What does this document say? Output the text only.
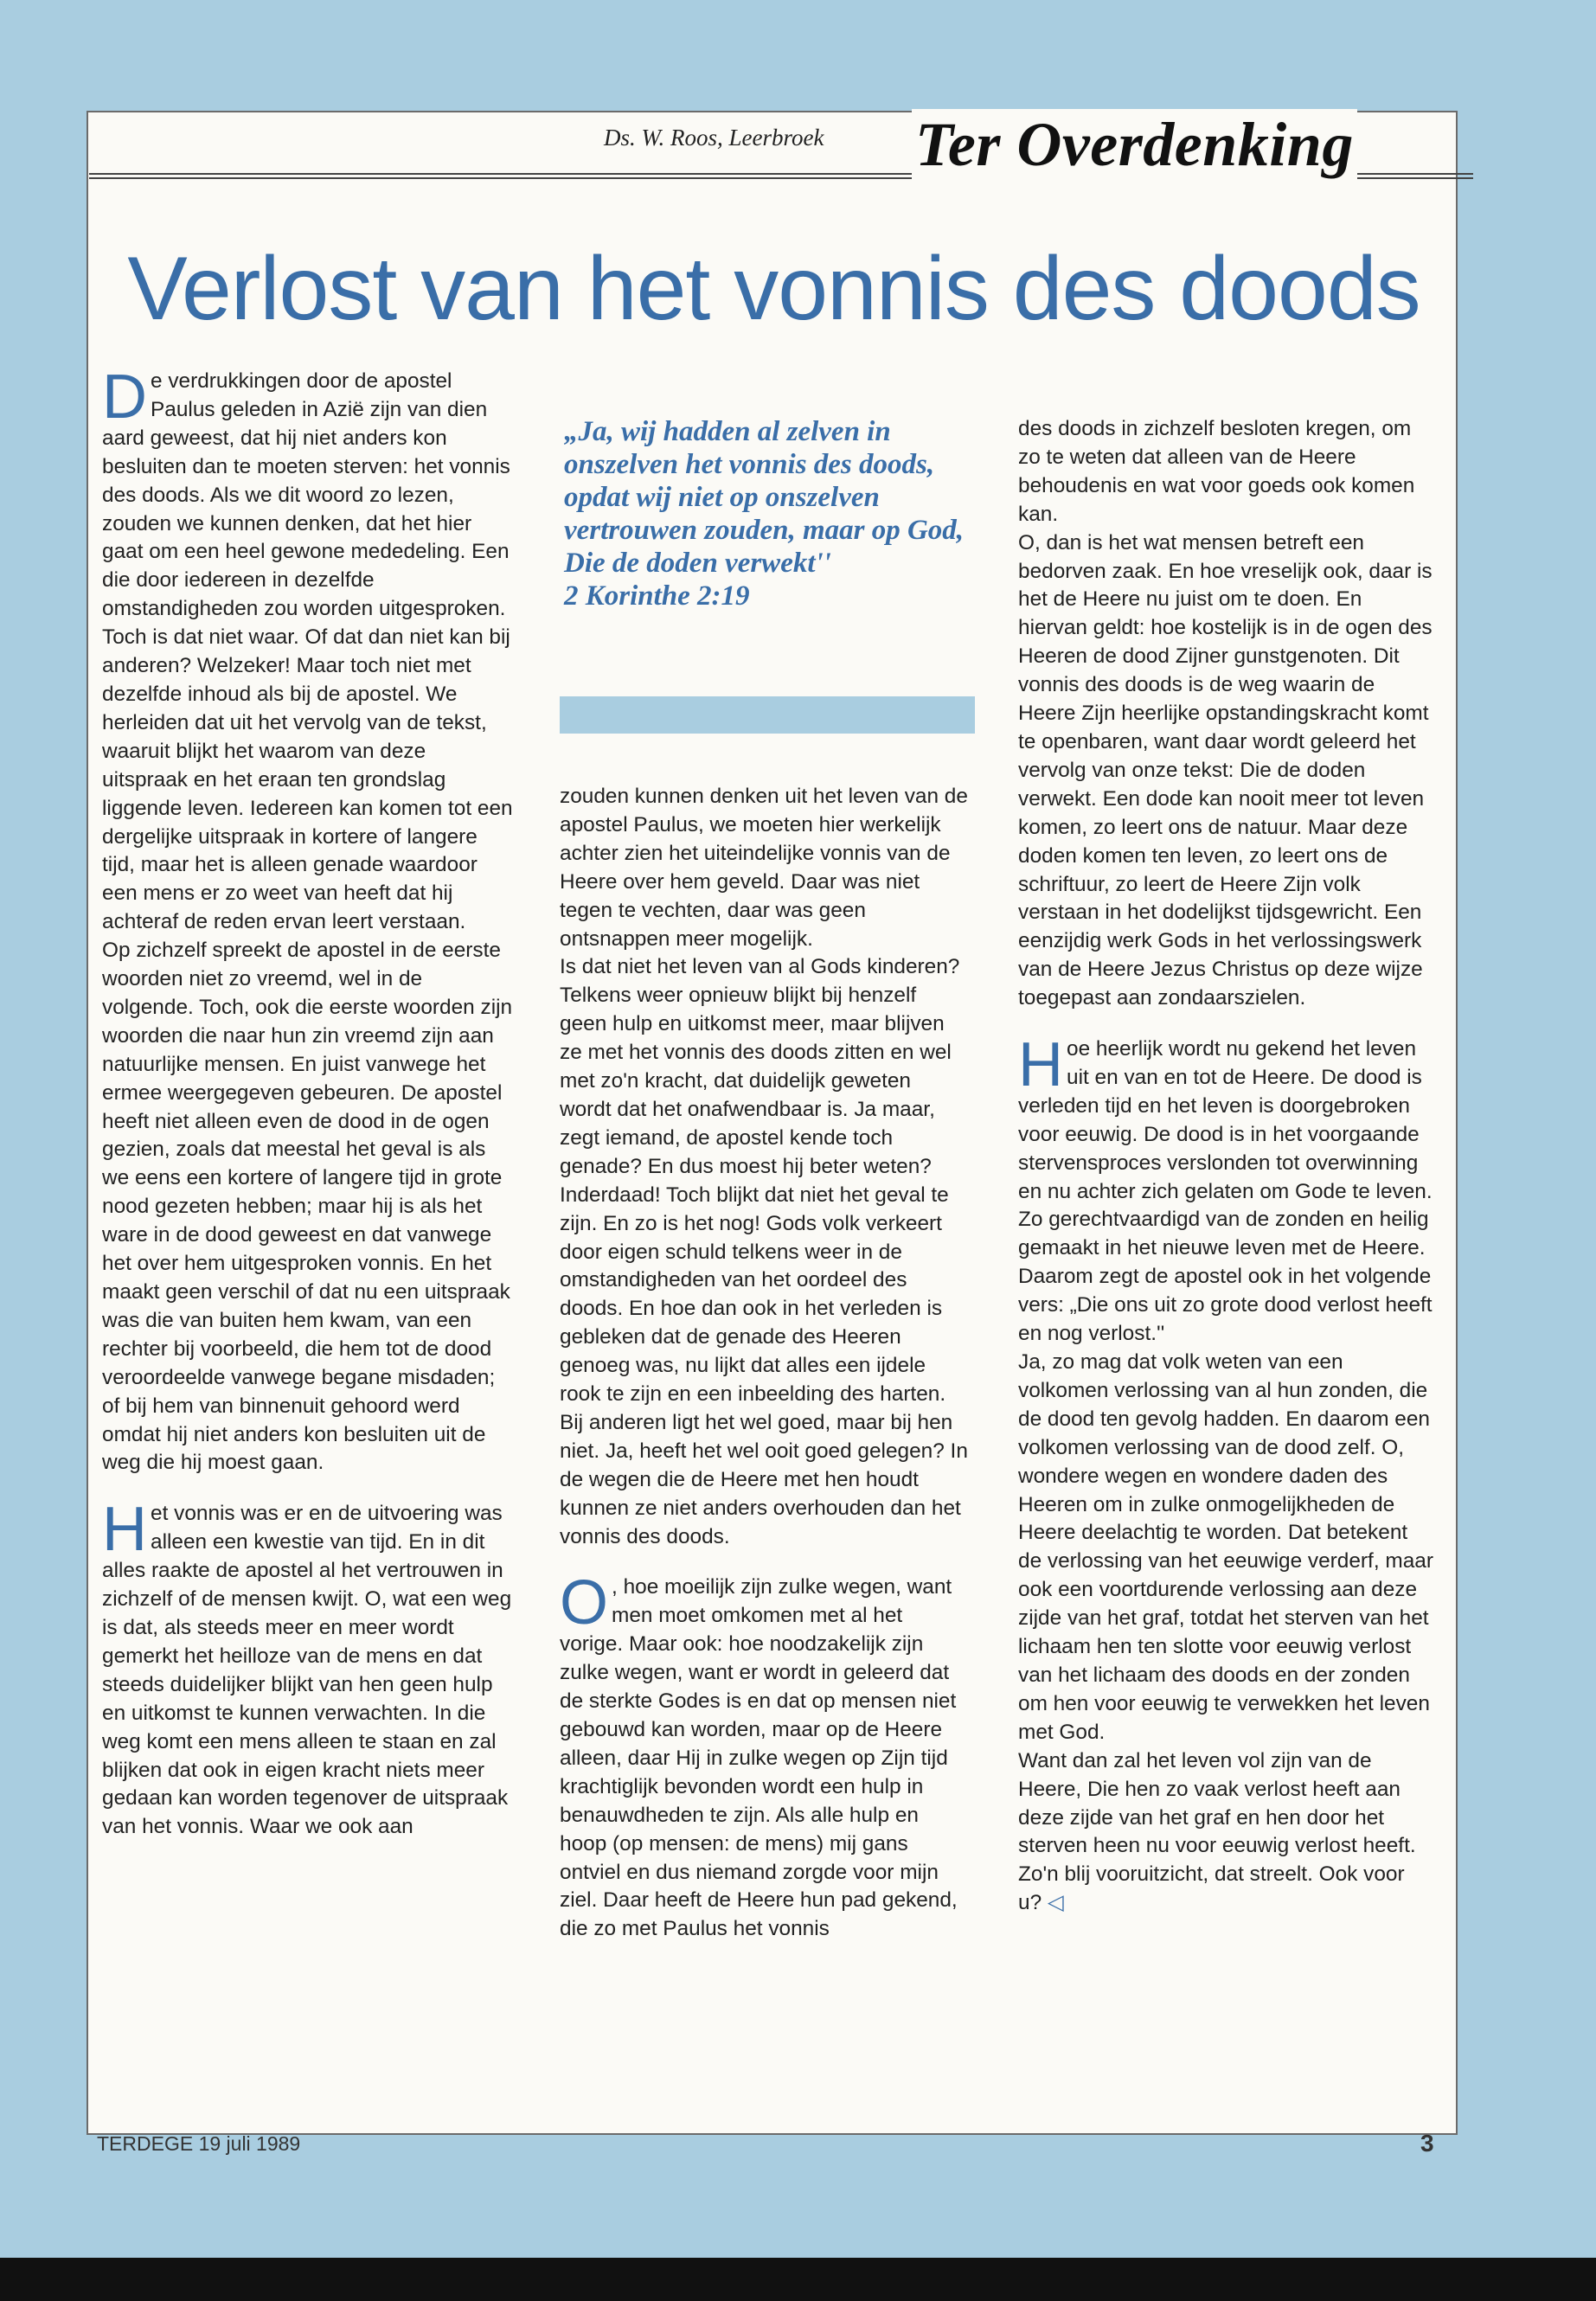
Ds. W. Roos, Leerbroek Ter Overdenking
Verlost van het vonnis des doods

De verdrukkingen door de apostel Paulus geleden in Azië zijn van dien aard geweest, dat hij niet anders kon besluiten dan te moeten sterven: het vonnis des doods. Als we dit woord zo lezen, zouden we kunnen denken, dat het hier gaat om een heel gewone mededeling. Een die door iedereen in dezelfde omstandigheden zou worden uitgesproken. Toch is dat niet waar. Of dat dan niet kan bij anderen? Welzeker! Maar toch niet met dezelfde inhoud als bij de apostel. We herleiden dat uit het vervolg van de tekst, waaruit blijkt het waarom van deze uitspraak en het eraan ten grondslag liggende leven. Iedereen kan komen tot een dergelijke uitspraak in kortere of langere tijd, maar het is alleen genade waardoor een mens er zo weet van heeft dat hij achteraf de reden ervan leert verstaan.

Op zichzelf spreekt de apostel in de eerste woorden niet zo vreemd, wel in de volgende. Toch, ook die eerste woorden zijn woorden die naar hun zin vreemd zijn aan natuurlijke mensen. En juist vanwege het ermee weergegeven gebeuren. De apostel heeft niet alleen even de dood in de ogen gezien, zoals dat meestal het geval is als we eens een kortere of langere tijd in grote nood gezeten hebben; maar hij is als het ware in de dood geweest en dat vanwege het over hem uitgesproken vonnis. En het maakt geen verschil of dat nu een uitspraak was die van buiten hem kwam, van een rechter bij voorbeeld, die hem tot de dood veroordeelde vanwege begane misdaden; of bij hem van binnenuit gehoord werd omdat hij niet anders kon besluiten uit de weg die hij moest gaan.

Het vonnis was er en de uitvoering was alleen een kwestie van tijd. En in dit alles raakte de apostel al het vertrouwen in zichzelf of de mensen kwijt. O, wat een weg is dat, als steeds meer en meer wordt gemerkt het heilloze van de mens en dat steeds duidelijker blijkt van hen geen hulp en uitkomst te kunnen verwachten. In die weg komt een mens alleen te staan en zal blijken dat ook in eigen kracht niets meer gedaan kan worden tegenover de uitspraak van het vonnis. Waar we ook aan

„Ja, wij hadden al zelven in onszelven het vonnis des doods, opdat wij niet op onszelven vertrouwen zouden, maar op God, Die de doden verwekt''
2 Korinthe 2:19

zouden kunnen denken uit het leven van de apostel Paulus, we moeten hier werkelijk achter zien het uiteindelijke vonnis van de Heere over hem geveld. Daar was niet tegen te vechten, daar was geen ontsnappen meer mogelijk.

Is dat niet het leven van al Gods kinderen? Telkens weer opnieuw blijkt bij henzelf geen hulp en uitkomst meer, maar blijven ze met het vonnis des doods zitten en wel met zo'n kracht, dat duidelijk geweten wordt dat het onafwendbaar is. Ja maar, zegt iemand, de apostel kende toch genade? En dus moest hij beter weten? Inderdaad! Toch blijkt dat niet het geval te zijn. En zo is het nog! Gods volk verkeert door eigen schuld telkens weer in de omstandigheden van het oordeel des doods. En hoe dan ook in het verleden is gebleken dat de genade des Heeren genoeg was, nu lijkt dat alles een ijdele rook te zijn en een inbeelding des harten. Bij anderen ligt het wel goed, maar bij hen niet. Ja, heeft het wel ooit goed gelegen? In de wegen die de Heere met hen houdt kunnen ze niet anders overhouden dan het vonnis des doods.

O , hoe moeilijk zijn zulke wegen, want men moet omkomen met al het vorige. Maar ook: hoe noodzakelijk zijn zulke wegen, want er wordt in geleerd dat de sterkte Godes is en dat op mensen niet gebouwd kan worden, maar op de Heere alleen, daar Hij in zulke wegen op Zijn tijd krachtiglijk bevonden wordt een hulp in benauwdheden te zijn. Als alle hulp en hoop (op mensen: de mens) mij gans ontviel en dus niemand zorgde voor mijn ziel. Daar heeft de Heere hun pad gekend, die zo met Paulus het vonnis

des doods in zichzelf besloten kregen, om zo te weten dat alleen van de Heere behoudenis en wat voor goeds ook komen kan.

O, dan is het wat mensen betreft een bedorven zaak. En hoe vreselijk ook, daar is het de Heere nu juist om te doen. En hiervan geldt: hoe kostelijk is in de ogen des Heeren de dood Zijner gunstgenoten. Dit vonnis des doods is de weg waarin de Heere Zijn heerlijke opstandingskracht komt te openbaren, want daar wordt geleerd het vervolg van onze tekst: Die de doden verwekt. Een dode kan nooit meer tot leven komen, zo leert ons de natuur. Maar deze doden komen ten leven, zo leert ons de schriftuur, zo leert de Heere Zijn volk verstaan in het dodelijkst tijdsgewricht. Een eenzijdig werk Gods in het verlossingswerk van de Heere Jezus Christus op deze wijze toegepast aan zondaarszielen.

Hoe heerlijk wordt nu gekend het leven uit en van en tot de Heere. De dood is verleden tijd en het leven is doorgebroken voor eeuwig. De dood is in het voorgaande stervensproces verslonden tot overwinning en nu achter zich gelaten om Gode te leven. Zo gerechtvaardigd van de zonden en heilig gemaakt in het nieuwe leven met de Heere.

Daarom zegt de apostel ook in het volgende vers: „Die ons uit zo grote dood verlost heeft en nog verlost.''

Ja, zo mag dat volk weten van een volkomen verlossing van al hun zonden, die de dood ten gevolg hadden. En daarom een volkomen verlossing van de dood zelf. O, wondere wegen en wondere daden des Heeren om in zulke onmogelijkheden de Heere deelachtig te worden. Dat betekent de verlossing van het eeuwige verderf, maar ook een voortdurende verlossing aan deze zijde van het graf, totdat het sterven van het lichaam hen ten slotte voor eeuwig verlost van het lichaam des doods en der zonden om hen voor eeuwig te verwekken het leven met God.

Want dan zal het leven vol zijn van de Heere, Die hen zo vaak verlost heeft aan deze zijde van het graf en hen door het sterven heen nu voor eeuwig verlost heeft. Zo'n blij vooruitzicht, dat streelt. Ook voor u? ◁

TERDEGE 19 juli 1989	3
